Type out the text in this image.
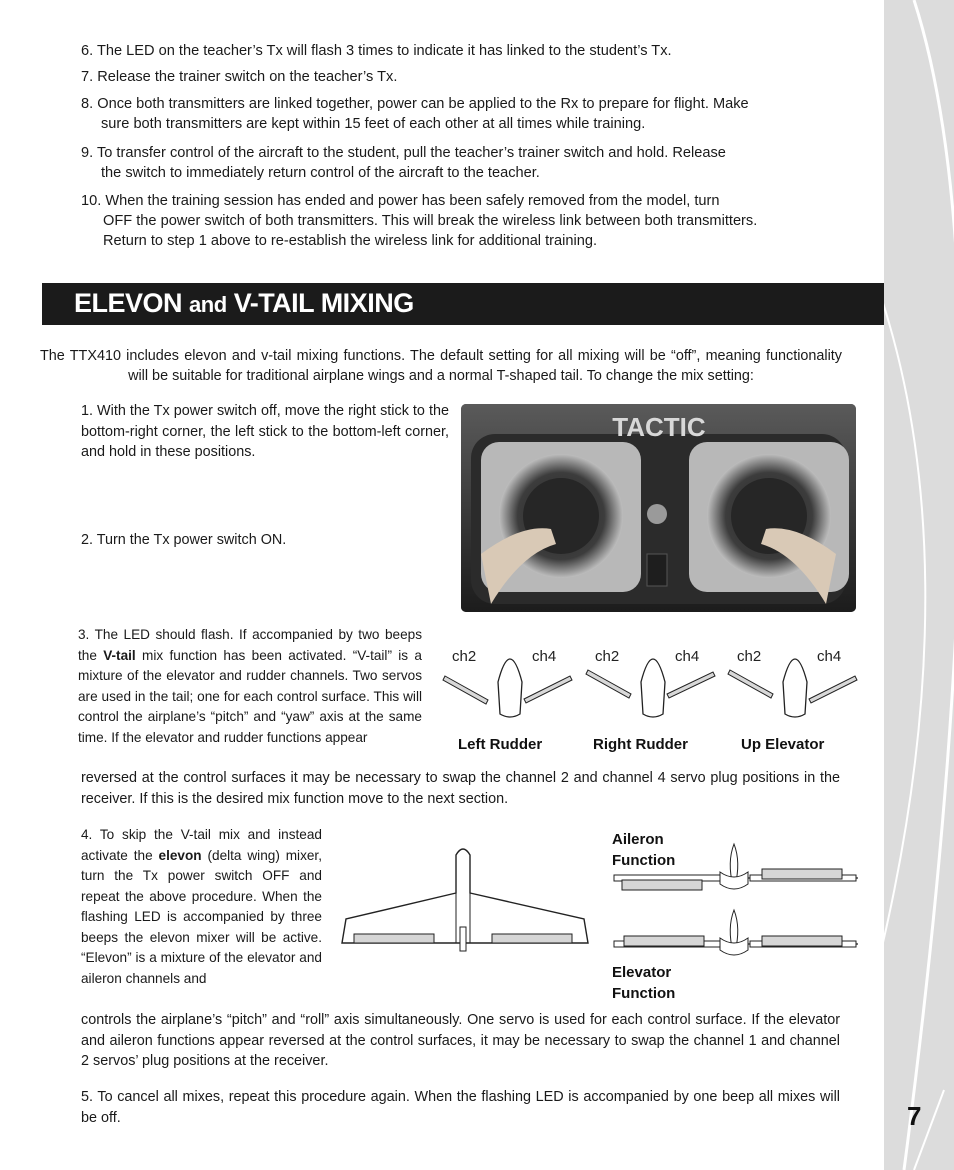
7
6. The LED on the teacher’s Tx will flash 3 times to indicate it has linked to the student’s Tx.
7. Release the trainer switch on the teacher’s Tx.
8. Once both transmitters are linked together, power can be applied to the Rx to prepare for flight. Make
sure both transmitters are kept within 15 feet of each other at all times while training.
9. To transfer control of the aircraft to the student, pull the teacher’s trainer switch and hold. Release
the switch to immediately return control of the aircraft to the teacher.
10. When the training session has ended and power has been safely removed from the model, turn
OFF the power switch of both transmitters. This will break the wireless link between both transmitters.
Return to step 1 above to re-establish the wireless link for additional training.
ELEVON and V-TAIL MIXING
The TTX410 includes elevon and v-tail mixing functions. The default setting for all mixing will be “off”, meaning functionality will be suitable for traditional airplane wings and a normal T-shaped tail. To change the mix setting:
1. With the Tx power switch off, move the right stick to the bottom-right corner, the left stick to the bottom-left corner, and hold in these positions.
2. Turn the Tx power switch ON.
TACTIC
3. The LED should flash. If accompanied by two beeps the V-tail mix function has been activated. “V-tail” is a mixture of the elevator and rudder channels. Two servos are used in the tail; one for each control surface. This will control the airplane’s “pitch” and “yaw” axis at the same time. If the elevator and rudder functions appear
reversed at the control surfaces it may be necessary to swap the channel 2 and channel 4 servo plug positions in the receiver. If this is the desired mix function move to the next section.
ch2	ch4	ch2	ch4	ch2	ch4
Left Rudder	Right Rudder	Up Elevator
4. To skip the V-tail mix and instead activate the elevon (delta wing) mixer, turn the Tx power switch OFF and repeat the above procedure. When the flashing LED is accompanied by three beeps the elevon mixer will be active. “Elevon” is a mixture of the elevator and aileron channels and
controls the airplane’s “pitch” and “roll” axis simultaneously. One servo is used for each control surface. If the elevator and aileron functions appear reversed at the control surfaces, it may be necessary to swap the channel 1 and channel 2 servos’ plug positions at the receiver.
Aileron
Function
Elevator
Function
5. To cancel all mixes, repeat this procedure again. When the flashing LED is accompanied by one beep all mixes will be off.
